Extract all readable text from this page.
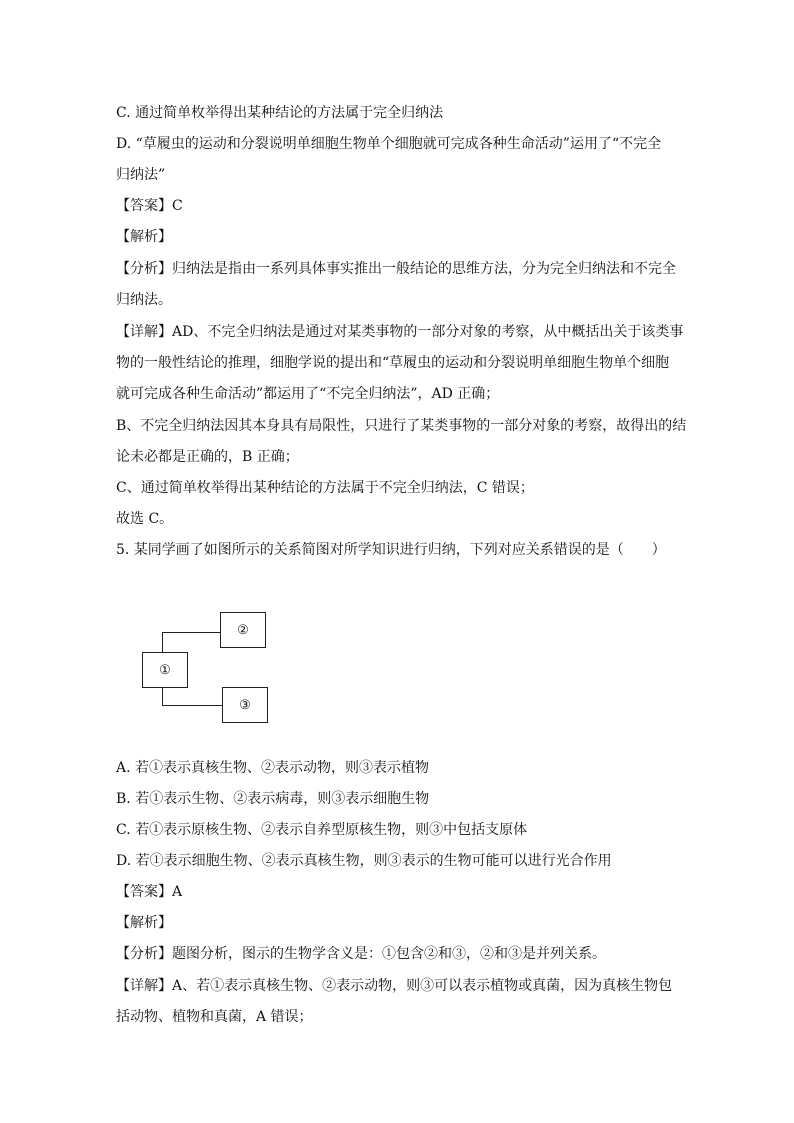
C. 通过简单枚举得出某种结论的方法属于完全归纳法
D. “草履虫的运动和分裂说明单细胞生物单个细胞就可完成各种生命活动”运用了“不完全
归纳法”
【答案】C
【解析】
【分析】归纳法是指由一系列具体事实推出一般结论的思维方法，分为完全归纳法和不完全
归纳法。
【详解】AD、不完全归纳法是通过对某类事物的一部分对象的考察，从中概括出关于该类事
物的一般性结论的推理，细胞学说的提出和“草履虫的运动和分裂说明单细胞生物单个细胞
就可完成各种生命活动”都运用了“不完全归纳法”，AD 正确；
B、不完全归纳法因其本身具有局限性，只进行了某类事物的一部分对象的考察，故得出的结
论未必都是正确的，B 正确；
C、通过简单枚举得出某种结论的方法属于不完全归纳法，C 错误；
故选 C。
5. 某同学画了如图所示的关系简图对所学知识进行归纳，下列对应关系错误的是（　　）
②
①
③
A. 若①表示真核生物、②表示动物，则③表示植物
B. 若①表示生物、②表示病毒，则③表示细胞生物
C. 若①表示原核生物、②表示自养型原核生物，则③中包括支原体
D. 若①表示细胞生物、②表示真核生物，则③表示的生物可能可以进行光合作用
【答案】A
【解析】
【分析】题图分析，图示的生物学含义是：①包含②和③，②和③是并列关系。
【详解】A、若①表示真核生物、②表示动物，则③可以表示植物或真菌，因为真核生物包
括动物、植物和真菌，A 错误；
